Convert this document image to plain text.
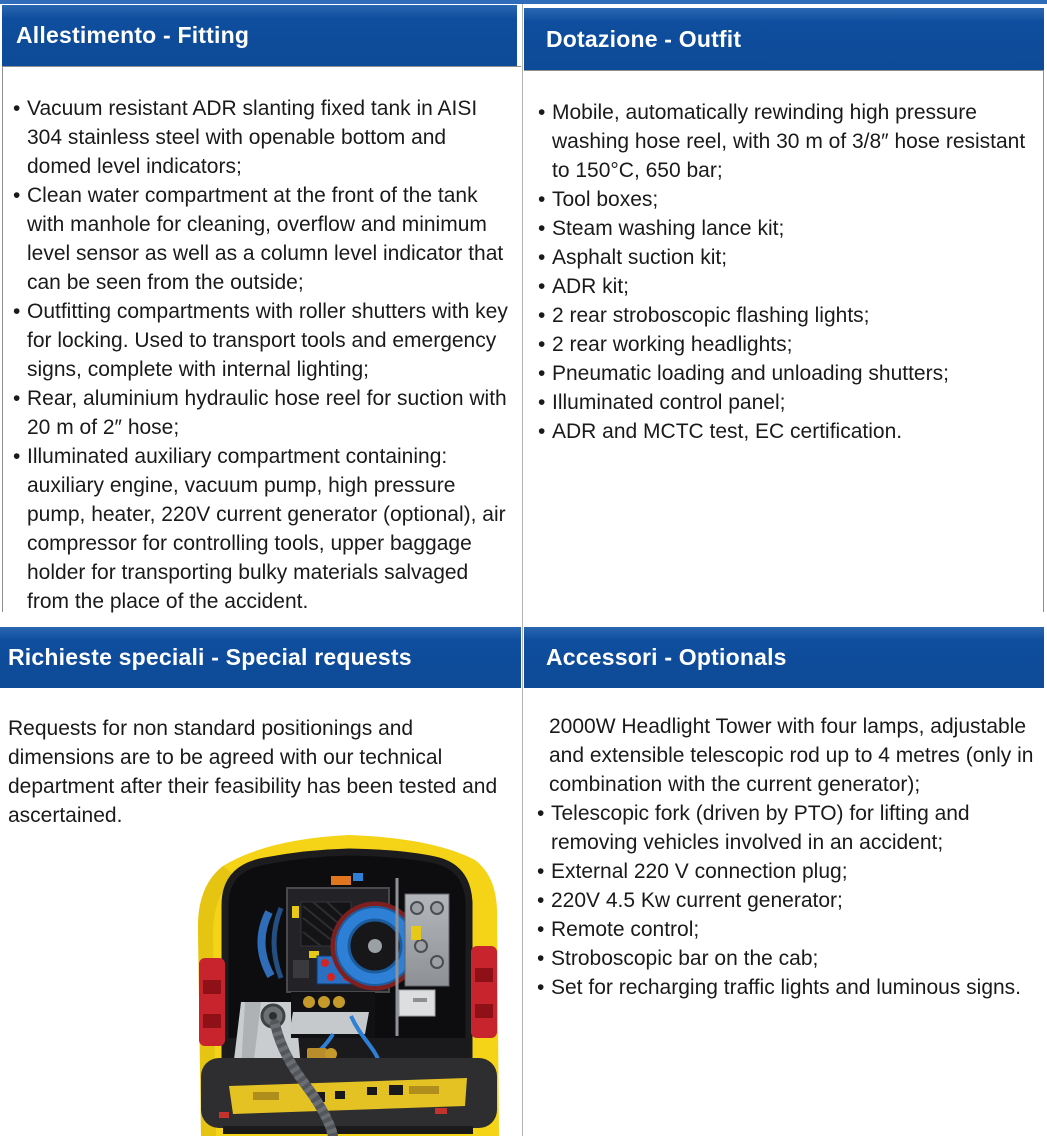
Allestimento - Fitting
• Vacuum resistant ADR slanting fixed tank in AISI 304 stainless steel with openable bottom and domed level indicators;
• Clean water compartment at the front of the tank with manhole for cleaning, overflow and minimum level sensor as well as a column level indicator that can be seen from the outside;
• Outfitting compartments with roller shutters with key for locking. Used to transport tools and emergency signs, complete with internal lighting;
• Rear, aluminium hydraulic hose reel for suction with 20 m of 2″ hose;
• Illuminated auxiliary compartment containing: auxiliary engine, vacuum pump, high pressure pump, heater, 220V current generator (optional), air compressor for controlling tools, upper baggage holder for transporting bulky materials salvaged from the place of the accident.
Dotazione - Outfit
• Mobile, automatically rewinding high pressure washing hose reel, with 30 m of 3/8″ hose resistant to 150°C, 650 bar;
• Tool boxes;
• Steam washing lance kit;
• Asphalt suction kit;
• ADR kit;
• 2 rear stroboscopic flashing lights;
• 2 rear working headlights;
• Pneumatic loading and unloading shutters;
• Illuminated control panel;
• ADR and MCTC test, EC certification.
Richieste speciali - Special requests
Requests for non standard positionings and dimensions are to be agreed with our technical department after their feasibility has been tested and ascertained.
Accessori - Optionals
2000W Headlight Tower with four lamps, adjustable and extensible telescopic rod up to 4 metres (only in combination with the current generator);
• Telescopic fork (driven by PTO) for lifting and removing vehicles involved in an accident;
• External 220 V connection plug;
• 220V 4.5 Kw current generator;
• Remote control;
• Stroboscopic bar on the cab;
• Set for recharging traffic lights and luminous signs.
